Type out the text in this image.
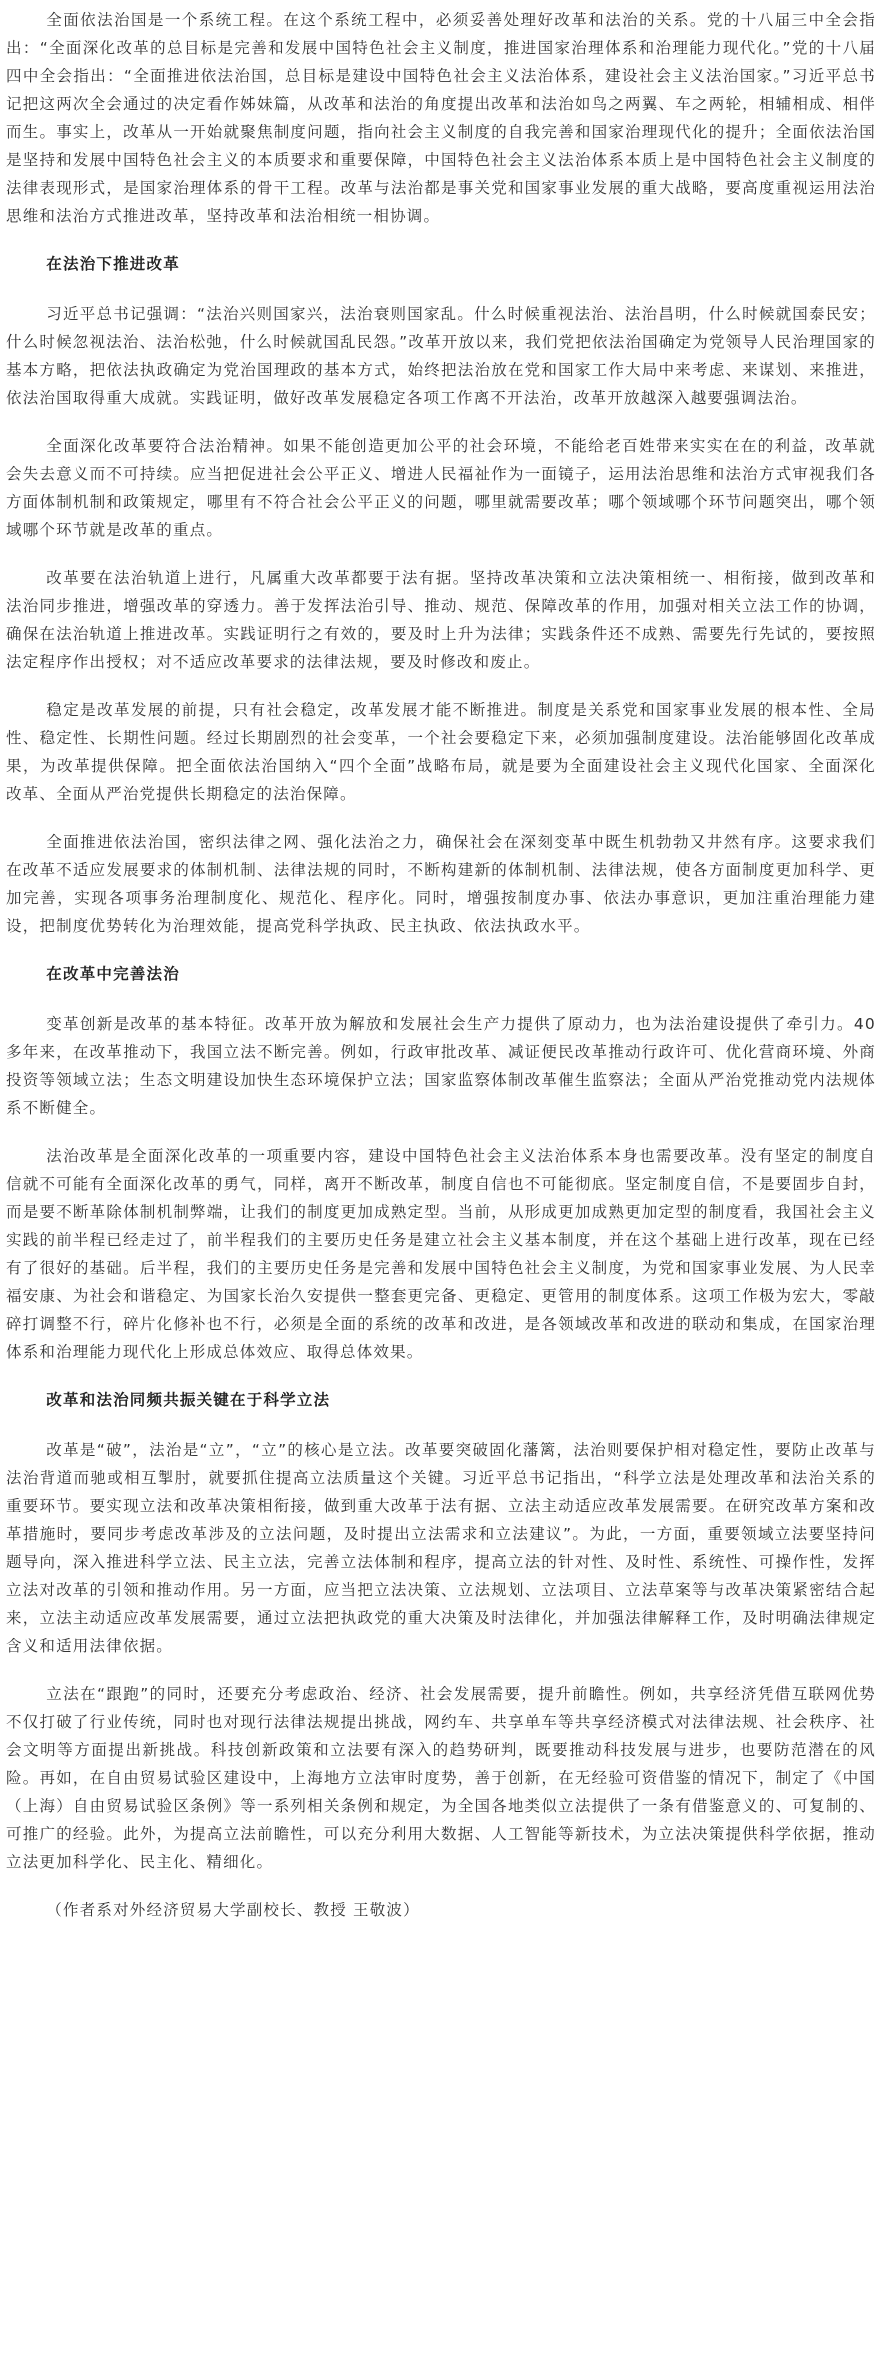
全面依法治国是一个系统工程。在这个系统工程中，必须妥善处理好改革和法治的关系。党的十八届三中全会指出：“全面深化改革的总目标是完善和发展中国特色社会主义制度，推进国家治理体系和治理能力现代化。”党的十八届四中全会指出：“全面推进依法治国，总目标是建设中国特色社会主义法治体系，建设社会主义法治国家。”习近平总书记把这两次全会通过的决定看作姊妹篇，从改革和法治的角度提出改革和法治如鸟之两翼、车之两轮，相辅相成、相伴而生。事实上，改革从一开始就聚焦制度问题，指向社会主义制度的自我完善和国家治理现代化的提升；全面依法治国是坚持和发展中国特色社会主义的本质要求和重要保障，中国特色社会主义法治体系本质上是中国特色社会主义制度的法律表现形式，是国家治理体系的骨干工程。改革与法治都是事关党和国家事业发展的重大战略，要高度重视运用法治思维和法治方式推进改革，坚持改革和法治相统一相协调。

在法治下推进改革

习近平总书记强调：“法治兴则国家兴，法治衰则国家乱。什么时候重视法治、法治昌明，什么时候就国泰民安；什么时候忽视法治、法治松弛，什么时候就国乱民怨。”改革开放以来，我们党把依法治国确定为党领导人民治理国家的基本方略，把依法执政确定为党治国理政的基本方式，始终把法治放在党和国家工作大局中来考虑、来谋划、来推进，依法治国取得重大成就。实践证明，做好改革发展稳定各项工作离不开法治，改革开放越深入越要强调法治。

全面深化改革要符合法治精神。如果不能创造更加公平的社会环境，不能给老百姓带来实实在在的利益，改革就会失去意义而不可持续。应当把促进社会公平正义、增进人民福祉作为一面镜子，运用法治思维和法治方式审视我们各方面体制机制和政策规定，哪里有不符合社会公平正义的问题，哪里就需要改革；哪个领域哪个环节问题突出，哪个领域哪个环节就是改革的重点。

改革要在法治轨道上进行，凡属重大改革都要于法有据。坚持改革决策和立法决策相统一、相衔接，做到改革和法治同步推进，增强改革的穿透力。善于发挥法治引导、推动、规范、保障改革的作用，加强对相关立法工作的协调，确保在法治轨道上推进改革。实践证明行之有效的，要及时上升为法律；实践条件还不成熟、需要先行先试的，要按照法定程序作出授权；对不适应改革要求的法律法规，要及时修改和废止。

稳定是改革发展的前提，只有社会稳定，改革发展才能不断推进。制度是关系党和国家事业发展的根本性、全局性、稳定性、长期性问题。经过长期剧烈的社会变革，一个社会要稳定下来，必须加强制度建设。法治能够固化改革成果，为改革提供保障。把全面依法治国纳入“四个全面”战略布局，就是要为全面建设社会主义现代化国家、全面深化改革、全面从严治党提供长期稳定的法治保障。

全面推进依法治国，密织法律之网、强化法治之力，确保社会在深刻变革中既生机勃勃又井然有序。这要求我们在改革不适应发展要求的体制机制、法律法规的同时，不断构建新的体制机制、法律法规，使各方面制度更加科学、更加完善，实现各项事务治理制度化、规范化、程序化。同时，增强按制度办事、依法办事意识，更加注重治理能力建设，把制度优势转化为治理效能，提高党科学执政、民主执政、依法执政水平。

在改革中完善法治

变革创新是改革的基本特征。改革开放为解放和发展社会生产力提供了原动力，也为法治建设提供了牵引力。40多年来，在改革推动下，我国立法不断完善。例如，行政审批改革、减证便民改革推动行政许可、优化营商环境、外商投资等领域立法；生态文明建设加快生态环境保护立法；国家监察体制改革催生监察法；全面从严治党推动党内法规体系不断健全。

法治改革是全面深化改革的一项重要内容，建设中国特色社会主义法治体系本身也需要改革。没有坚定的制度自信就不可能有全面深化改革的勇气，同样，离开不断改革，制度自信也不可能彻底。坚定制度自信，不是要固步自封，而是要不断革除体制机制弊端，让我们的制度更加成熟定型。当前，从形成更加成熟更加定型的制度看，我国社会主义实践的前半程已经走过了，前半程我们的主要历史任务是建立社会主义基本制度，并在这个基础上进行改革，现在已经有了很好的基础。后半程，我们的主要历史任务是完善和发展中国特色社会主义制度，为党和国家事业发展、为人民幸福安康、为社会和谐稳定、为国家长治久安提供一整套更完备、更稳定、更管用的制度体系。这项工作极为宏大，零敲碎打调整不行，碎片化修补也不行，必须是全面的系统的改革和改进，是各领域改革和改进的联动和集成，在国家治理体系和治理能力现代化上形成总体效应、取得总体效果。

改革和法治同频共振关键在于科学立法

改革是“破”，法治是“立”，“立”的核心是立法。改革要突破固化藩篱，法治则要保护相对稳定性，要防止改革与法治背道而驰或相互掣肘，就要抓住提高立法质量这个关键。习近平总书记指出，“科学立法是处理改革和法治关系的重要环节。要实现立法和改革决策相衔接，做到重大改革于法有据、立法主动适应改革发展需要。在研究改革方案和改革措施时，要同步考虑改革涉及的立法问题，及时提出立法需求和立法建议”。为此，一方面，重要领域立法要坚持问题导向，深入推进科学立法、民主立法，完善立法体制和程序，提高立法的针对性、及时性、系统性、可操作性，发挥立法对改革的引领和推动作用。另一方面，应当把立法决策、立法规划、立法项目、立法草案等与改革决策紧密结合起来，立法主动适应改革发展需要，通过立法把执政党的重大决策及时法律化，并加强法律解释工作，及时明确法律规定含义和适用法律依据。

立法在“跟跑”的同时，还要充分考虑政治、经济、社会发展需要，提升前瞻性。例如，共享经济凭借互联网优势不仅打破了行业传统，同时也对现行法律法规提出挑战，网约车、共享单车等共享经济模式对法律法规、社会秩序、社会文明等方面提出新挑战。科技创新政策和立法要有深入的趋势研判，既要推动科技发展与进步，也要防范潜在的风险。再如，在自由贸易试验区建设中，上海地方立法审时度势，善于创新，在无经验可资借鉴的情况下，制定了《中国（上海）自由贸易试验区条例》等一系列相关条例和规定，为全国各地类似立法提供了一条有借鉴意义的、可复制的、可推广的经验。此外，为提高立法前瞻性，可以充分利用大数据、人工智能等新技术，为立法决策提供科学依据，推动立法更加科学化、民主化、精细化。

（作者系对外经济贸易大学副校长、教授 王敬波）
